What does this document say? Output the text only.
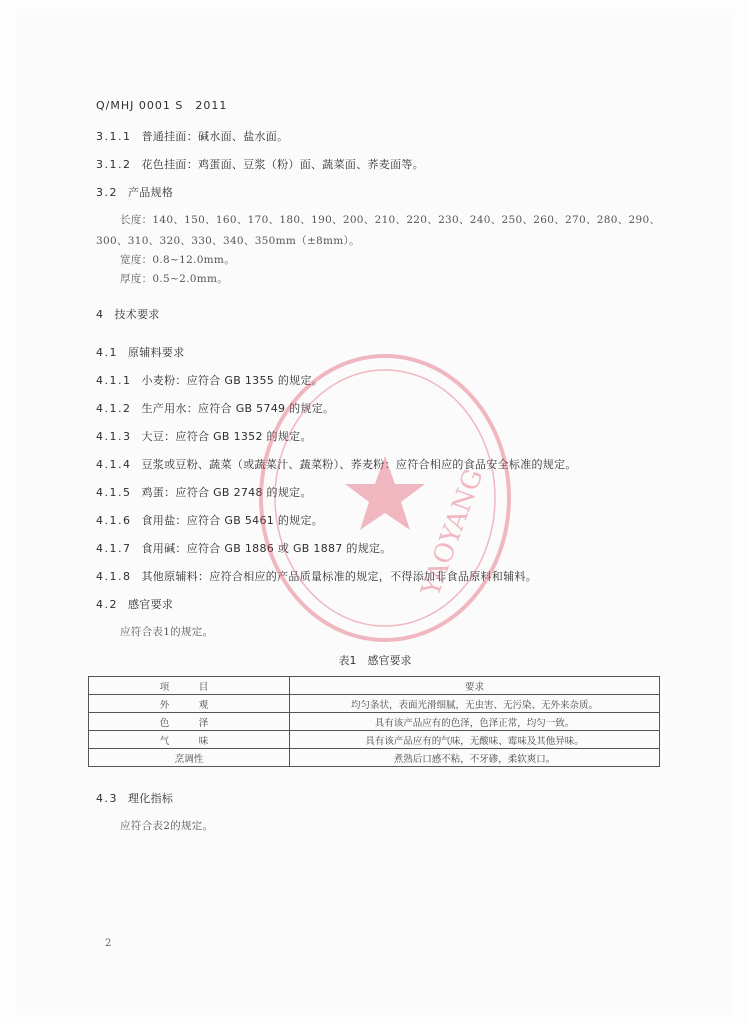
Q/MHJ 0001 S　2011
3.1.1 普通挂面：碱水面、盐水面。
3.1.2 花色挂面：鸡蛋面、豆浆（粉）面、蔬菜面、荞麦面等。
3.2 产品规格
长度：140、150、160、170、180、190、200、210、220、230、240、250、260、270、280、290、
300、310、320、330、340、350mm（±8mm）。
宽度：0.8~12.0mm。
厚度：0.5~2.0mm。
4 技术要求
4.1 原辅料要求
4.1.1 小麦粉：应符合 GB 1355 的规定。
4.1.2 生产用水：应符合 GB 5749 的规定。
4.1.3 大豆：应符合 GB 1352 的规定。
4.1.4 豆浆或豆粉、蔬菜（或蔬菜汁、蔬菜粉）、荞麦粉：应符合相应的食品安全标准的规定。
4.1.5 鸡蛋：应符合 GB 2748 的规定。
4.1.6 食用盐：应符合 GB 5461 的规定。
4.1.7 食用碱：应符合 GB 1886 或 GB 1887 的规定。
4.1.8 其他原辅料：应符合相应的产品质量标准的规定，不得添加非食品原料和辅料。
4.2 感官要求
应符合表1的规定。
表1　感官要求
项　目	要求
外　观	均匀条状，表面光滑细腻，无虫害、无污染、无外来杂质。
色　泽	具有该产品应有的色泽，色泽正常，均匀一致。
气　味	具有该产品应有的气味，无酸味、霉味及其他异味。
烹调性	煮熟后口感不粘，不牙碜，柔软爽口。
4.3 理化指标
应符合表2的规定。
2
YAOYANG
